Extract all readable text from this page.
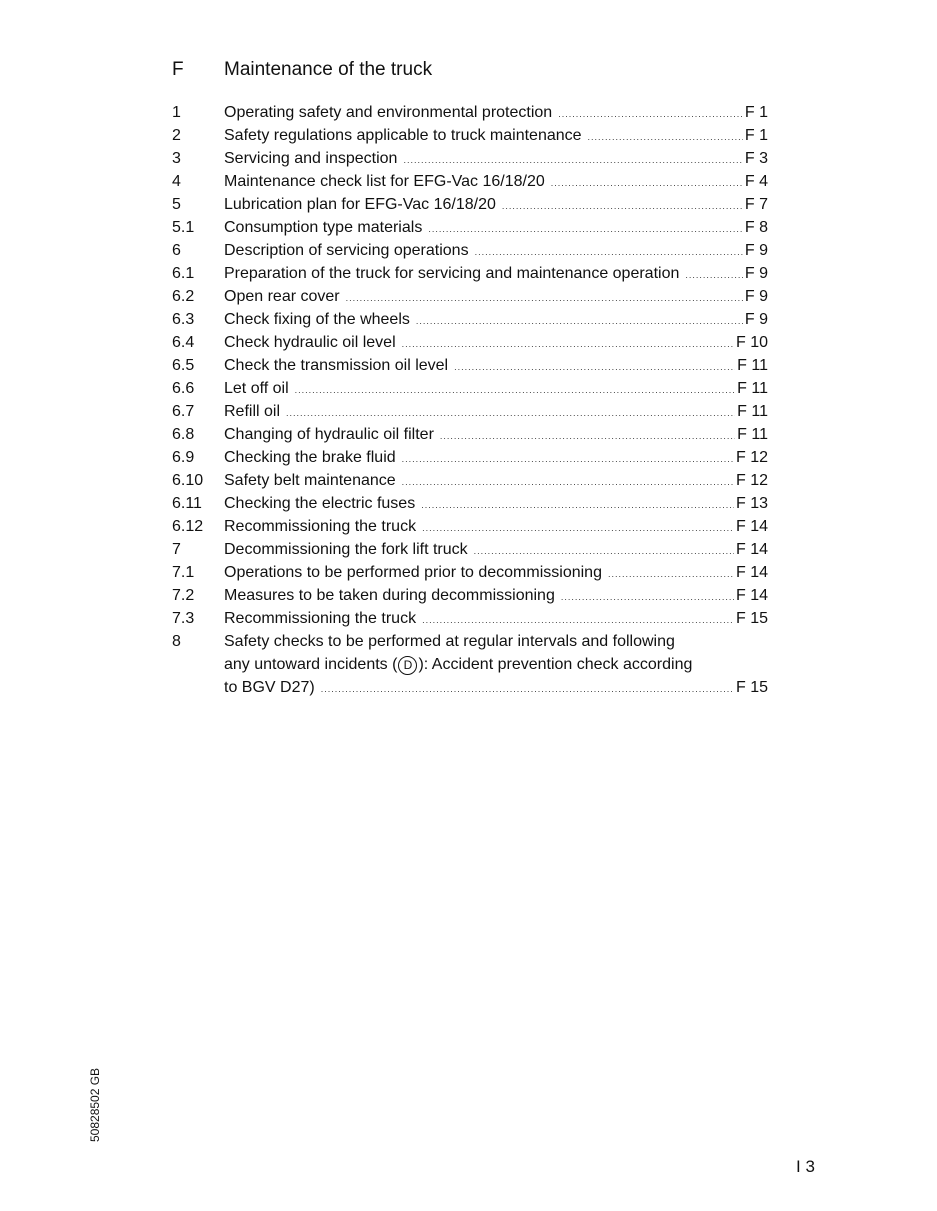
F Maintenance of the truck
1	Operating safety and environmental protection .....	F 1
2	Safety regulations applicable to truck maintenance .....	F 1
3	Servicing and inspection .....	F 3
4	Maintenance check list for EFG-Vac 16/18/20 .....	F 4
5	Lubrication plan for EFG-Vac 16/18/20 .....	F 7
5.1 Consumption type materials .....	F 8
6	Description of servicing operations .....	F 9
6.1 Preparation of the truck for servicing and maintenance operation .....	F 9
6.2 Open rear cover .....	F 9
6.3 Check fixing of the wheels .....	F 9
6.4 Check hydraulic oil level .....	F 10
6.5 Check the transmission oil level .....	F 11
6.6 Let off oil .....	F 11
6.7 Refill oil .....	F 11
6.8 Changing of hydraulic oil filter .....	F 11
6.9 Checking the brake fluid .....	F 12
6.10 Safety belt maintenance .....	F 12
6.11 Checking the electric fuses .....	F 13
6.12 Recommissioning the truck .....	F 14
7	Decommissioning the fork lift truck .....	F 14
7.1 Operations to be performed prior to decommissioning .....	F 14
7.2 Measures to be taken during decommissioning .....	F 14
7.3 Recommissioning the truck .....	F 15
8	Safety checks to be performed at regular intervals and following
any untoward incidents ( D ): Accident prevention check according
to BGV D27) .....	F 15
50828502 GB
I 3
